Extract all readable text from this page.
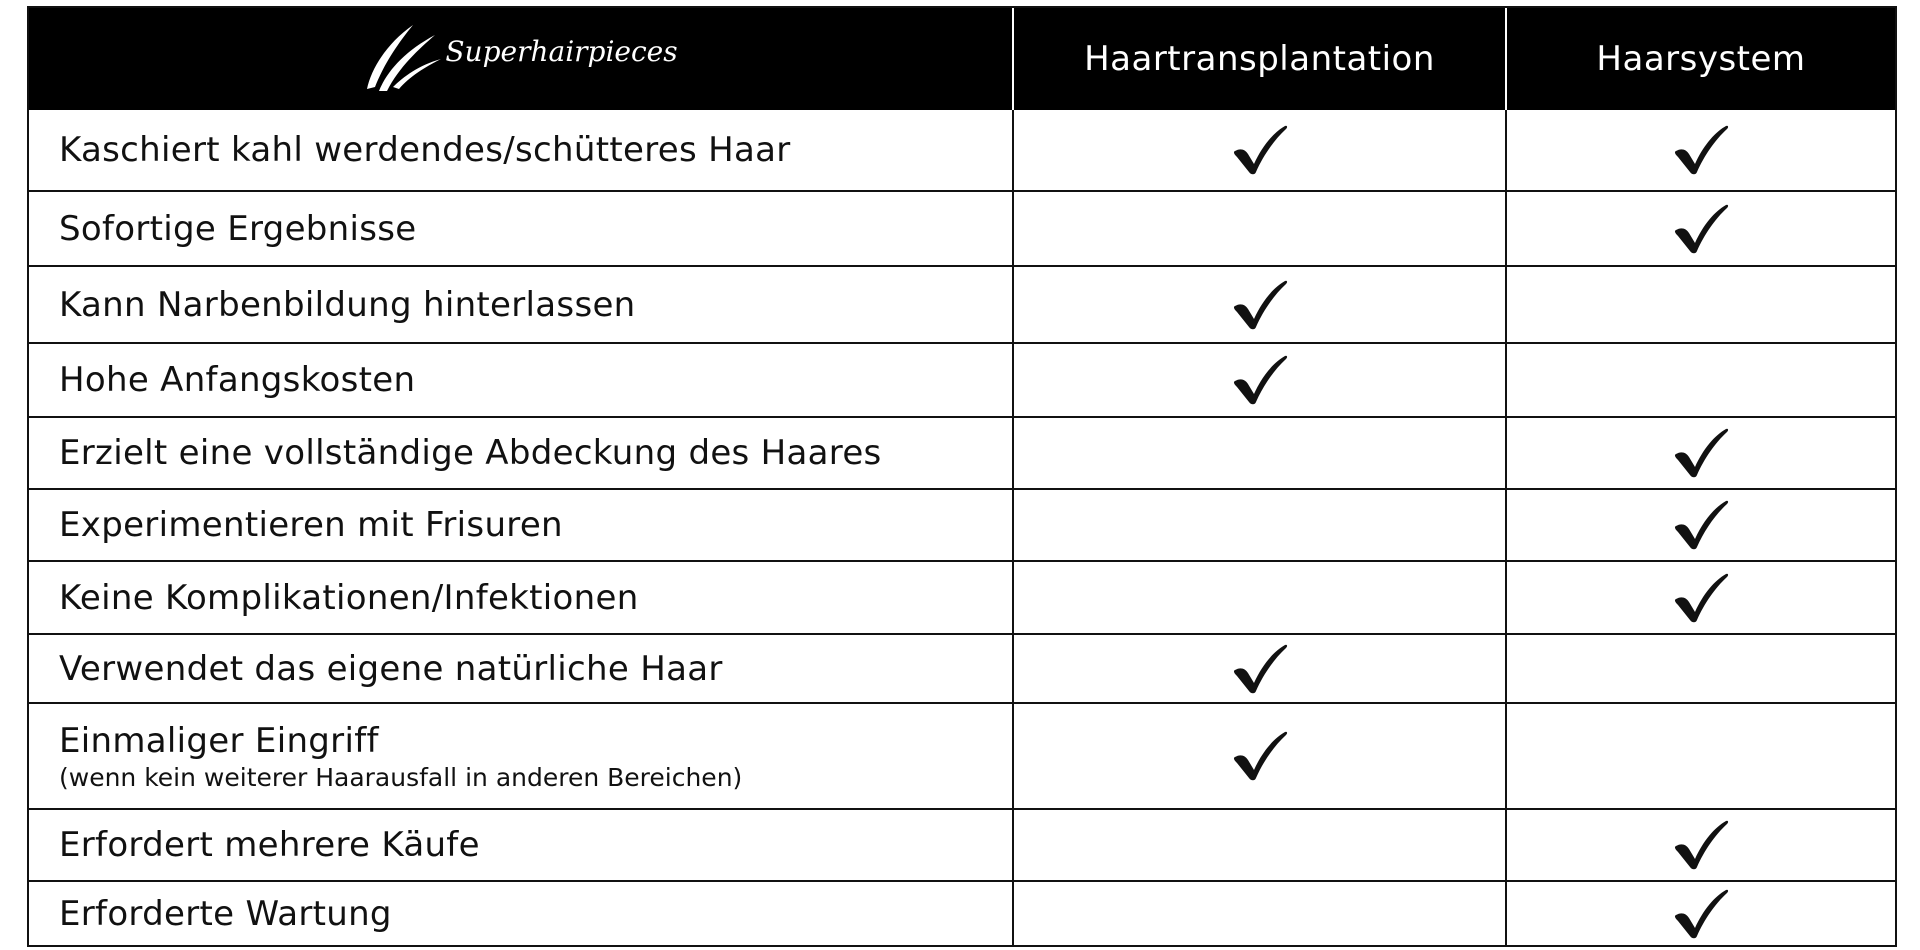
Superhairpieces	Haartransplantation	Haarsystem
Kaschiert kahl werdendes/schütteres Haar
Sofortige Ergebnisse
Kann Narbenbildung hinterlassen
Hohe Anfangskosten
Erzielt eine vollständige Abdeckung des Haares
Experimentieren mit Frisuren
Keine Komplikationen/Infektionen
Verwendet das eigene natürliche Haar
Einmaliger Eingriff
(wenn kein weiterer Haarausfall in anderen Bereichen)
Erfordert mehrere Käufe
Erforderte Wartung
